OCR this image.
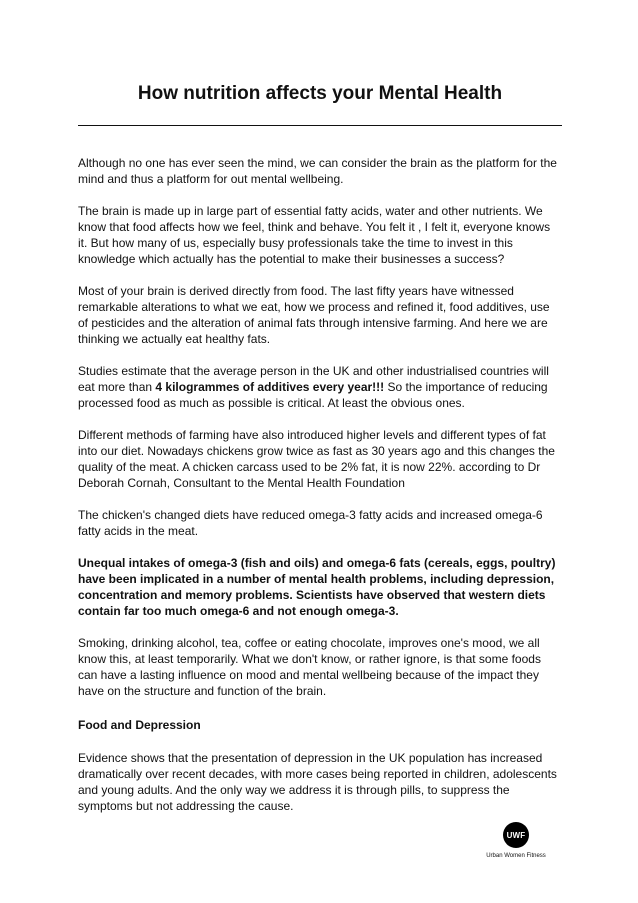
How nutrition affects your Mental Health

Although no one has ever seen the mind, we can consider the brain as the platform for the mind and thus a platform for out mental wellbeing.

The brain is made up in large part of essential fatty acids, water and other nutrients. We know that food affects how we feel, think and behave. You felt it , I felt it, everyone knows it. But how many of us, especially busy professionals take the time to invest in this knowledge which actually has the potential to make their businesses a success?

Most of your brain is derived directly from food. The last fifty years have witnessed remarkable alterations to what we eat, how we process and refined it, food additives, use of pesticides and the alteration of animal fats through intensive farming. And here we are thinking we actually eat healthy fats.

Studies estimate that the average person in the UK and other industrialised countries will eat more than 4 kilogrammes of additives every year!!! So the importance of reducing processed food as much as possible is critical. At least the obvious ones.

Different methods of farming have also introduced higher levels and different types of fat into our diet. Nowadays chickens grow twice as fast as 30 years ago and this changes the quality of the meat. A chicken carcass used to be 2% fat, it is now 22%. according to Dr Deborah Cornah, Consultant to the Mental Health Foundation

The chicken's changed diets have reduced omega-3 fatty acids and increased omega-6 fatty acids in the meat.

Unequal intakes of omega-3 (fish and oils) and omega-6 fats (cereals, eggs, poultry) have been implicated in a number of mental health problems, including depression, concentration and memory problems. Scientists have observed that western diets contain far too much omega-6 and not enough omega-3.

Smoking, drinking alcohol, tea, coffee or eating chocolate, improves one's mood, we all know this, at least temporarily. What we don't know, or rather ignore, is that some foods can have a lasting influence on mood and mental wellbeing because of the impact they have on the structure and function of the brain.

Food and Depression

Evidence shows that the presentation of depression in the UK population has increased dramatically over recent decades, with more cases being reported in children, adolescents and young adults. And the only way we address it is through pills, to suppress the symptoms but not addressing the cause.

UWF
Urban Women Fitness
